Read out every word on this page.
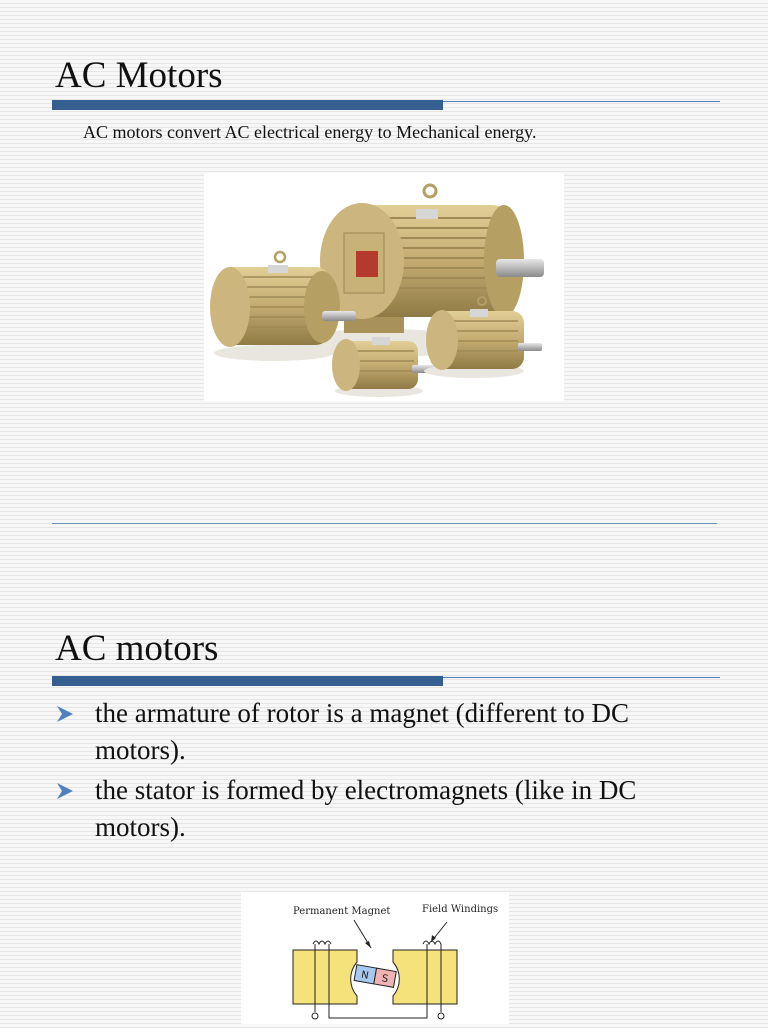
AC Motors
AC motors convert AC electrical energy to Mechanical energy.
AC motors
the armature of rotor is a magnet (different to DC motors).
the stator is formed by electromagnets (like in DC motors).
Permanent Magnet	Field Windings
N S
